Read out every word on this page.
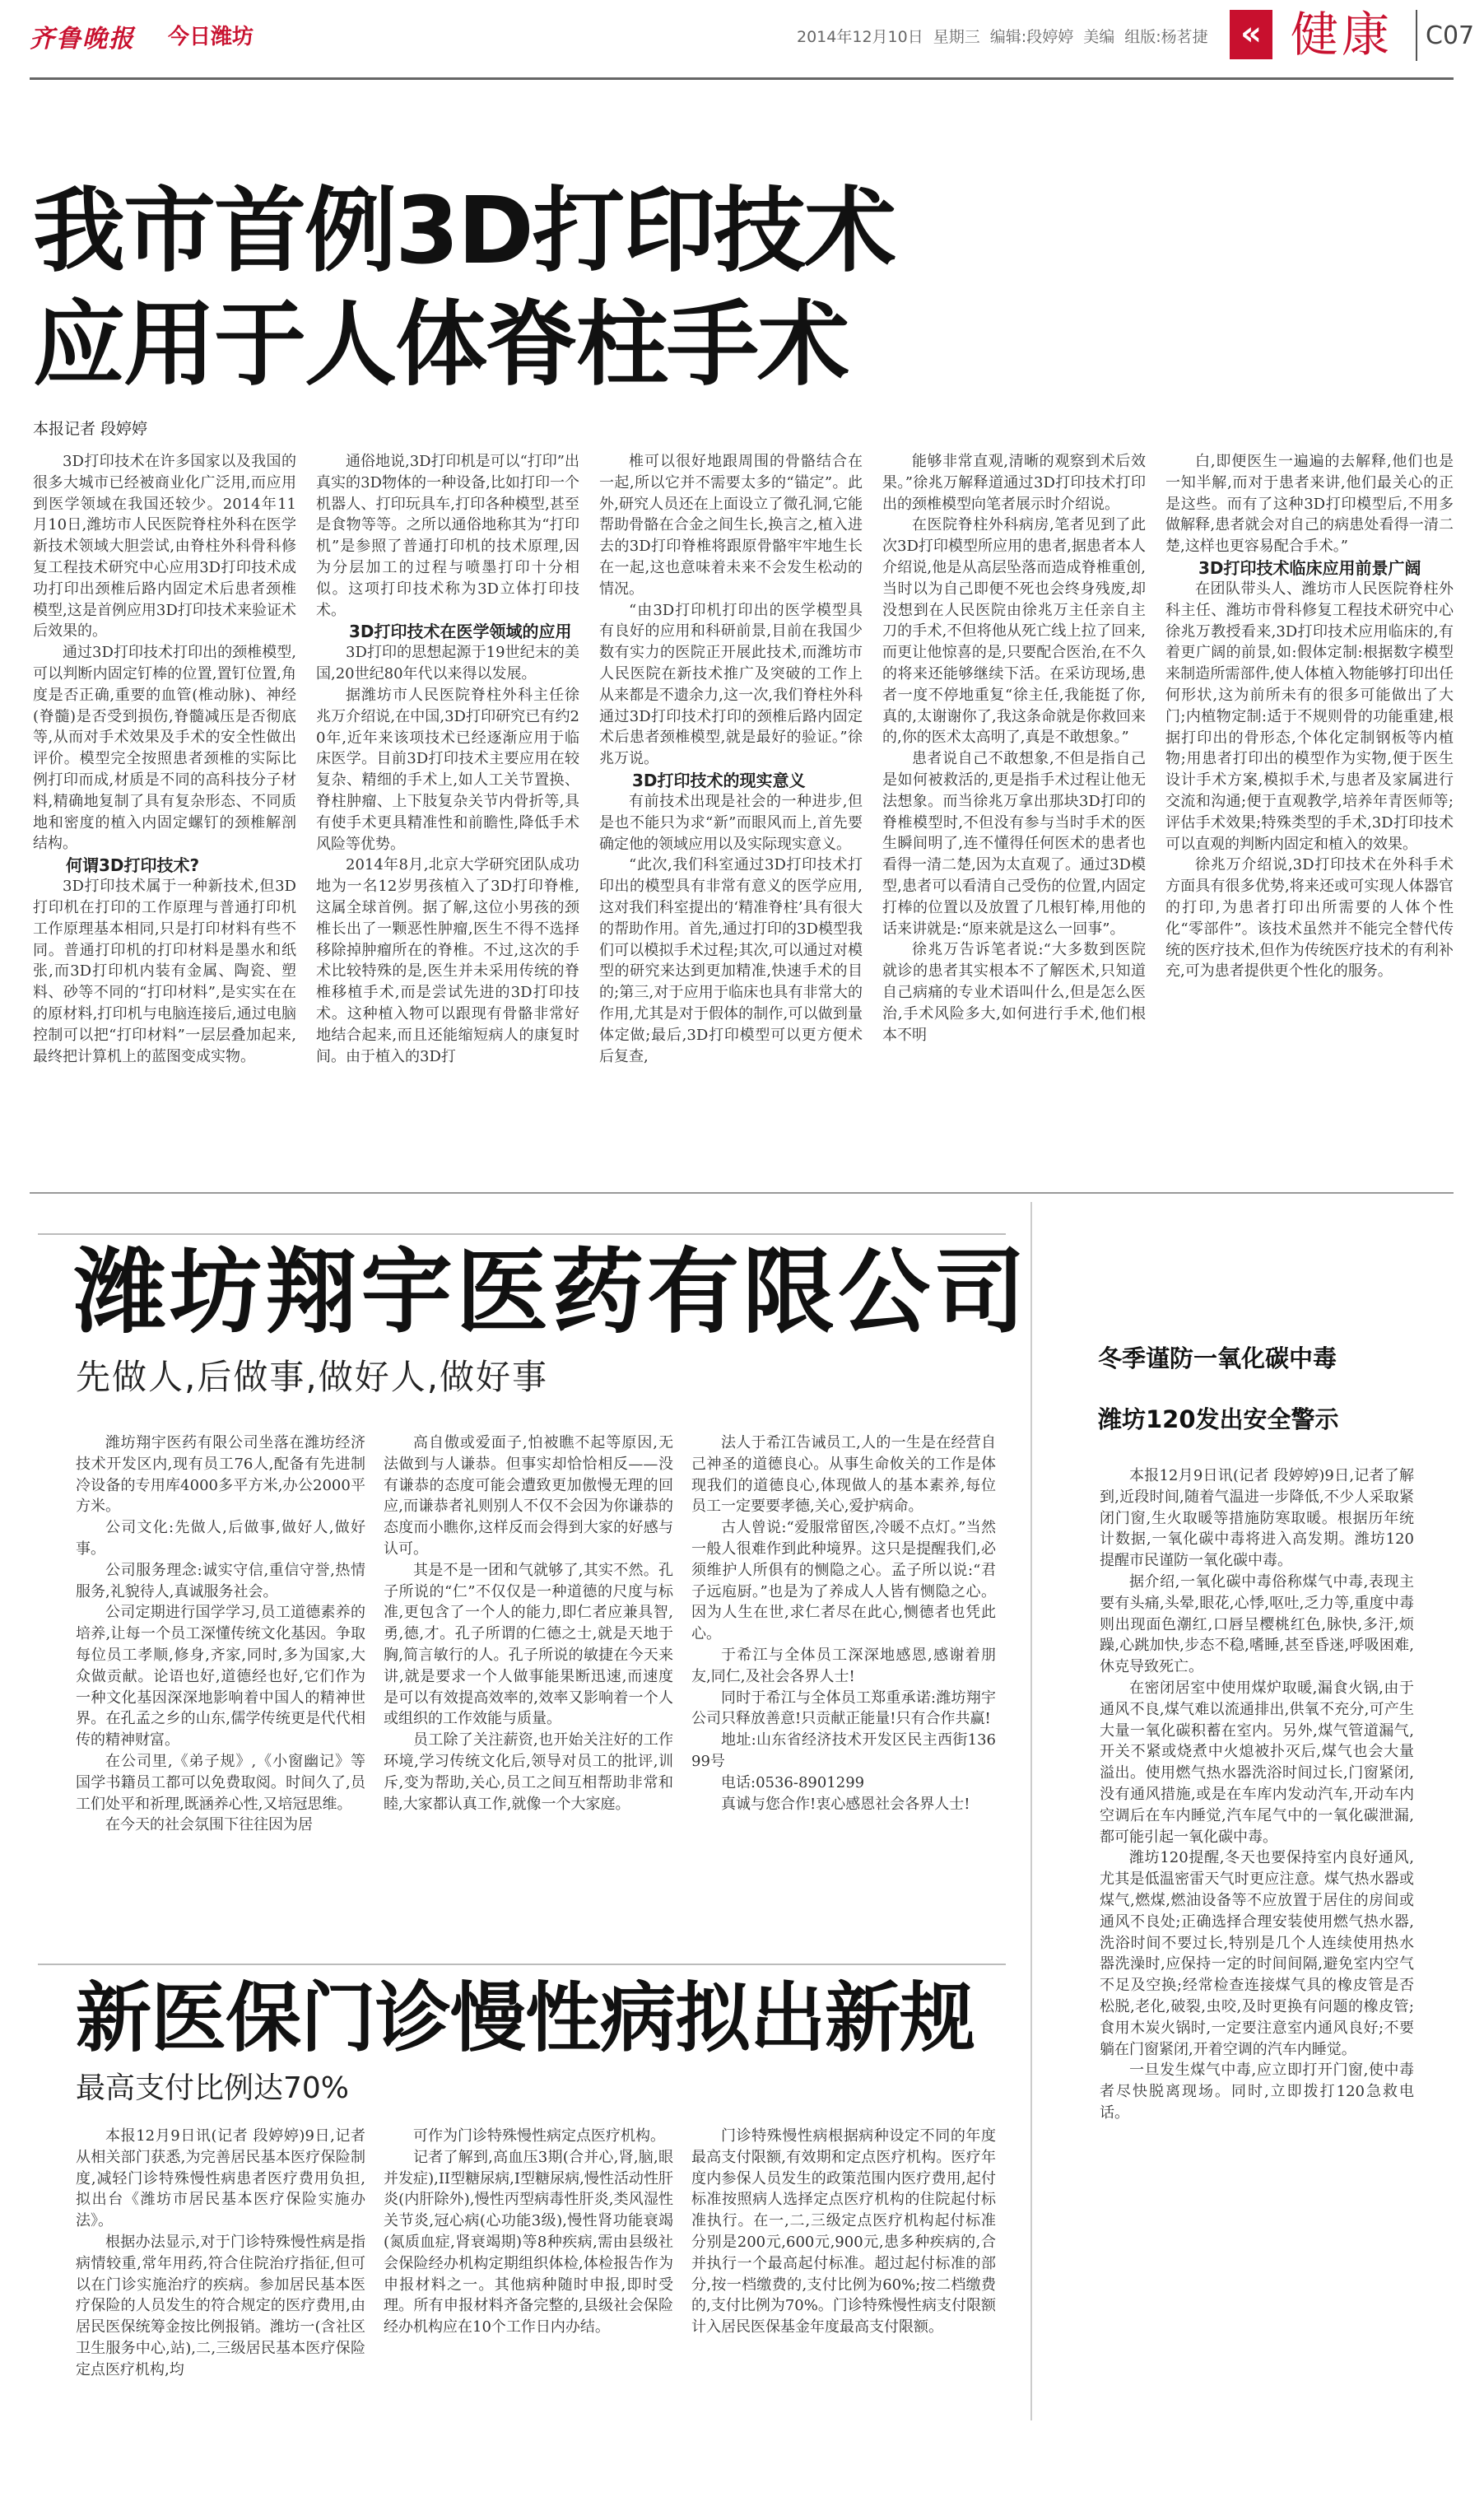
齐鲁晚报 今日潍坊	2014年12月10日 星期三 编辑:段婷婷 美编 组版:杨茗捷 « 健康 C07
我市首例3D打印技术
应用于人体脊柱手术
本报记者 段婷婷

3D打印技术在许多国家以及我国的很多大城市已经被商业化广泛用,而应用到医学领域在我国还较少。2014年11月10日,潍坊市人民医院脊柱外科在医学新技术领域大胆尝试,由脊柱外科骨科修复工程技术研究中心应用3D打印技术成功打印出颈椎后路内固定术后患者颈椎模型,这是首例应用3D打印技术来验证术后效果的。

通过3D打印技术打印出的颈椎模型,可以判断内固定钉棒的位置,置钉位置,角度是否正确,重要的血管(椎动脉)、神经(脊髓)是否受到损伤,脊髓减压是否彻底等,从而对手术效果及手术的安全性做出评价。模型完全按照患者颈椎的实际比例打印而成,材质是不同的高科技分子材料,精确地复制了具有复杂形态、不同质地和密度的植入内固定螺钉的颈椎解剖结构。

何谓3D打印技术?

3D打印技术属于一种新技术,但3D打印机在打印的工作原理与普通打印机工作原理基本相同,只是打印材料有些不同。普通打印机的打印材料是墨水和纸张,而3D打印机内装有金属、陶瓷、塑料、砂等不同的“打印材料”,是实实在在的原材料,打印机与电脑连接后,通过电脑控制可以把“打印材料”一层层叠加起来,最终把计算机上的蓝图变成实物。

通俗地说,3D打印机是可以“打印”出真实的3D物体的一种设备,比如打印一个机器人、打印玩具车,打印各种模型,甚至是食物等等。之所以通俗地称其为“打印机”是参照了普通打印机的技术原理,因为分层加工的过程与喷墨打印十分相似。这项打印技术称为3D立体打印技术。

3D打印技术在医学领域的应用

3D打印的思想起源于19世纪末的美国,20世纪80年代以来得以发展。

据潍坊市人民医院脊柱外科主任徐兆万介绍说,在中国,3D打印研究已有约20年,近年来该项技术已经逐渐应用于临床医学。目前3D打印技术主要应用在较复杂、精细的手术上,如人工关节置换、脊柱肿瘤、上下肢复杂关节内骨折等,具有使手术更具精准性和前瞻性,降低手术风险等优势。

2014年8月,北京大学研究团队成功地为一名12岁男孩植入了3D打印脊椎,这属全球首例。据了解,这位小男孩的颈椎长出了一颗恶性肿瘤,医生不得不选择移除掉肿瘤所在的脊椎。不过,这次的手术比较特殊的是,医生并未采用传统的脊椎移植手术,而是尝试先进的3D打印技术。这种植入物可以跟现有骨骼非常好地结合起来,而且还能缩短病人的康复时间。由于植入的3D打

椎可以很好地跟周围的骨骼结合在一起,所以它并不需要太多的“锚定”。此外,研究人员还在上面设立了微孔洞,它能帮助骨骼在合金之间生长,换言之,植入进去的3D打印脊椎将跟原骨骼牢牢地生长在一起,这也意味着未来不会发生松动的情况。

“由3D打印机打印出的医学模型具有良好的应用和科研前景,目前在我国少数有实力的医院正开展此技术,而潍坊市人民医院在新技术推广及突破的工作上从来都是不遗余力,这一次,我们脊柱外科通过3D打印技术打印的颈椎后路内固定术后患者颈椎模型,就是最好的验证。”徐兆万说。

3D打印技术的现实意义

有前技术出现是社会的一种进步,但是也不能只为求“新”而眼风而上,首先要确定他的领域应用以及实际现实意义。

“此次,我们科室通过3D打印技术打印出的模型具有非常有意义的医学应用,这对我们科室提出的‘精准脊柱’具有很大的帮助作用。首先,通过打印的3D模型我们可以模拟手术过程;其次,可以通过对模型的研究来达到更加精准,快速手术的目的;第三,对于应用于临床也具有非常大的作用,尤其是对于假体的制作,可以做到量体定做;最后,3D打印模型可以更方便术后复查,

能够非常直观,清晰的观察到术后效果。”徐兆万解释道通过3D打印技术打印出的颈椎模型向笔者展示时介绍说。

在医院脊柱外科病房,笔者见到了此次3D打印模型所应用的患者,据患者本人介绍说,他是从高层坠落而造成脊椎重创,当时以为自己即便不死也会终身残废,却没想到在人民医院由徐兆万主任亲自主刀的手术,不但将他从死亡线上拉了回来,而更让他惊喜的是,只要配合医治,在不久的将来还能够继续下活。在采访现场,患者一度不停地重复“徐主任,我能挺了你,真的,太谢谢你了,我这条命就是你救回来的,你的医术太高明了,真是不敢想象。”

患者说自己不敢想象,不但是指自己是如何被救活的,更是指手术过程让他无法想象。而当徐兆万拿出那块3D打印的脊椎模型时,不但没有参与当时手术的医生瞬间明了,连不懂得任何医术的患者也看得一清二楚,因为太直观了。通过3D模型,患者可以看清自己受伤的位置,内固定打棒的位置以及放置了几根钉棒,用他的话来讲就是:“原来就是这么一回事”。

徐兆万告诉笔者说:“大多数到医院就诊的患者其实根本不了解医术,只知道自己病痛的专业术语叫什么,但是怎么医治,手术风险多大,如何进行手术,他们根本不明

白,即便医生一遍遍的去解释,他们也是一知半解,而对于患者来讲,他们最关心的正是这些。而有了这种3D打印模型后,不用多做解释,患者就会对自己的病患处看得一清二楚,这样也更容易配合手术。”

3D打印技术临床应用前景广阔

在团队带头人、潍坊市人民医院脊柱外科主任、潍坊市骨科修复工程技术研究中心徐兆万教授看来,3D打印技术应用临床的,有着更广阔的前景,如:假体定制:根据数字模型来制造所需部件,使人体植入物能够打印出任何形状,这为前所未有的很多可能做出了大门;内植物定制:适于不规则骨的功能重建,根据打印出的骨形态,个体化定制钢板等内植物;用患者打印出的模型作为实物,便于医生设计手术方案,模拟手术,与患者及家属进行交流和沟通;便于直观教学,培养年青医师等;评估手术效果;特殊类型的手术,3D打印技术可以直观的判断内固定和植入的效果。

徐兆万介绍说,3D打印技术在外科手术方面具有很多优势,将来还或可实现人体器官的打印,为患者打印出所需要的人体个性化“零部件”。该技术虽然并不能完全替代传统的医疗技术,但作为传统医疗技术的有利补充,可为患者提供更个性化的服务。

潍坊翔宇医药有限公司
先做人,后做事,做好人,做好事

潍坊翔宇医药有限公司坐落在潍坊经济技术开发区内,现有员工76人,配备有先进制冷设备的专用库4000多平方米,办公2000平方米。

公司文化:先做人,后做事,做好人,做好事。

公司服务理念:诚实守信,重信守誉,热情服务,礼貌待人,真诚服务社会。

公司定期进行国学学习,员工道德素养的培养,让每一个员工深懂传统文化基因。争取每位员工孝顺,修身,齐家,同时,多为国家,大众做贡献。论语也好,道德经也好,它们作为一种文化基因深深地影响着中国人的精神世界。在孔孟之乡的山东,儒学传统更是代代相传的精神财富。

在公司里,《弟子规》,《小窗幽记》等国学书籍员工都可以免费取阅。时间久了,员工们处平和祈理,既涵养心性,又培冠思维。

在今天的社会氛围下往往因为居

高自傲或爱面子,怕被瞧不起等原因,无法做到与人谦恭。但事实却恰恰相反——没有谦恭的态度可能会遭致更加傲慢无理的回应,而谦恭者礼则别人不仅不会因为你谦恭的态度而小瞧你,这样反而会得到大家的好感与认可。

其是不是一团和气就够了,其实不然。孔子所说的“仁”不仅仅是一种道德的尺度与标准,更包含了一个人的能力,即仁者应兼具智,勇,德,才。孔子所谓的仁德之士,就是天地于胸,简言敏行的人。孔子所说的敏捷在今天来讲,就是要求一个人做事能果断迅速,而速度是可以有效提高效率的,效率又影响着一个人或组织的工作效能与质量。

员工除了关注薪资,也开始关注好的工作环境,学习传统文化后,领导对员工的批评,训斥,变为帮助,关心,员工之间互相帮助非常和睦,大家都认真工作,就像一个大家庭。

法人于希江告诫员工,人的一生是在经营自己神圣的道德良心。从事生命攸关的工作是体现我们的道德良心,体现做人的基本素养,每位员工一定要要孝德,关心,爱护病命。

古人曾说:“爱服常留医,冷暖不点灯。”当然一般人很难作到此种境界。这只是提醒我们,必须维护人所俱有的恻隐之心。孟子所以说:“君子远庖厨。”也是为了养成人人皆有恻隐之心。因为人生在世,求仁者尽在此心,恻德者也凭此心。

于希江与全体员工深深地感恩,感谢着朋友,同仁,及社会各界人士!

同时于希江与全体员工郑重承诺:潍坊翔宇公司只释放善意!只贡献正能量!只有合作共赢!

地址:山东省经济技术开发区民主西街13699号

电话:0536-8901299

真诚与您合作!衷心感恩社会各界人士!

冬季谨防一氧化碳中毒
潍坊120发出安全警示

本报12月9日讯(记者 段婷婷)9日,记者了解到,近段时间,随着气温进一步降低,不少人采取紧闭门窗,生火取暖等措施防寒取暖。根据历年统计数据,一氧化碳中毒将进入高发期。潍坊120提醒市民谨防一氧化碳中毒。

据介绍,一氧化碳中毒俗称煤气中毒,表现主要有头痛,头晕,眼花,心悸,呕吐,乏力等,重度中毒则出现面色潮红,口唇呈樱桃红色,脉快,多汗,烦躁,心跳加快,步态不稳,嗜睡,甚至昏迷,呼吸困难,休克导致死亡。

在密闭居室中使用煤炉取暖,漏食火锅,由于通风不良,煤气难以流通排出,供氧不充分,可产生大量一氧化碳积蓄在室内。另外,煤气管道漏气,开关不紧或烧煮中火熄被扑灭后,煤气也会大量溢出。使用燃气热水器洗浴时间过长,门窗紧闭,没有通风措施,或是在车库内发动汽车,开动车内空调后在车内睡觉,汽车尾气中的一氧化碳泄漏,都可能引起一氧化碳中毒。

潍坊120提醒,冬天也要保持室内良好通风,尤其是低温密雷天气时更应注意。煤气热水器或煤气,燃煤,燃油设备等不应放置于居住的房间或通风不良处;正确选择合理安装使用燃气热水器,洗浴时间不要过长,特别是几个人连续使用热水器洗澡时,应保持一定的时间间隔,避免室内空气不足及空换;经常检查连接煤气具的橡皮管是否松脱,老化,破裂,虫咬,及时更换有问题的橡皮管;食用木炭火锅时,一定要注意室内通风良好;不要躺在门窗紧闭,开着空调的汽车内睡觉。

一旦发生煤气中毒,应立即打开门窗,使中毒者尽快脱离现场。同时,立即拨打120急救电话。

新医保门诊慢性病拟出新规
最高支付比例达70%

本报12月9日讯(记者 段婷婷)9日,记者从相关部门获悉,为完善居民基本医疗保险制度,减轻门诊特殊慢性病患者医疗费用负担,拟出台《潍坊市居民基本医疗保险实施办法》。

根据办法显示,对于门诊特殊慢性病是指病情较重,常年用药,符合住院治疗指征,但可以在门诊实施治疗的疾病。参加居民基本医疗保险的人员发生的符合规定的医疗费用,由居民医保统筹金按比例报销。潍坊一(含社区卫生服务中心,站),二,三级居民基本医疗保险定点医疗机构,均

可作为门诊特殊慢性病定点医疗机构。

记者了解到,高血压3期(合并心,肾,脑,眼并发症),II型糖尿病,I型糖尿病,慢性活动性肝炎(内肝除外),慢性丙型病毒性肝炎,类风湿性关节炎,冠心病(心功能3级),慢性肾功能衰竭(氮质血症,肾衰竭期)等8种疾病,需由县级社会保险经办机构定期组织体检,体检报告作为申报材料之一。其他病种随时申报,即时受理。所有申报材料齐备完整的,县级社会保险经办机构应在10个工作日内办结。

门诊特殊慢性病根据病种设定不同的年度最高支付限额,有效期和定点医疗机构。医疗年度内参保人员发生的政策范围内医疗费用,起付标准按照病人选择定点医疗机构的住院起付标准执行。在一,二,三级定点医疗机构起付标准分别是200元,600元,900元,患多种疾病的,合并执行一个最高起付标准。超过起付标准的部分,按一档缴费的,支付比例为60%;按二档缴费的,支付比例为70%。门诊特殊慢性病支付限额计入居民医保基金年度最高支付限额。
